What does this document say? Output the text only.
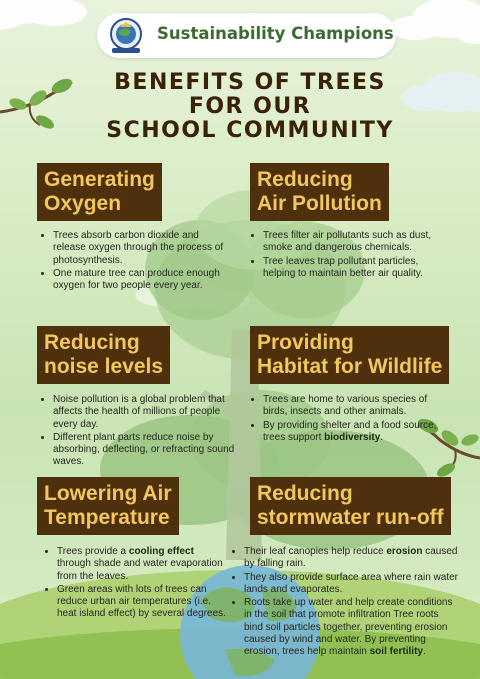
Sustainability Champions
BENEFITS OF TREES
FOR OUR
SCHOOL COMMUNITY
Generating
Oxygen
• Trees absorb carbon dioxide and release oxygen through the process of photosynthesis.
• One mature tree can produce enough oxygen for two people every year.
Reducing
Air Pollution
• Trees filter air pollutants such as dust, smoke and dangerous chemicals.
• Tree leaves trap pollutant particles, helping to maintain better air quality.
Reducing
noise levels
• Noise pollution is a global problem that affects the health of millions of people every day.
• Different plant parts reduce noise by absorbing, deflecting, or refracting sound waves.
Providing
Habitat for Wildlife
• Trees are home to various species of birds, insects and other animals.
• By providing shelter and a food source, trees support biodiversity.
Lowering Air
Temperature
• Trees provide a cooling effect through shade and water evaporation from the leaves.
• Green areas with lots of trees can reduce urban air temperatures (i.e. heat island effect) by several degrees.
Reducing
stormwater run-off
• Their leaf canopies help reduce erosion caused by falling rain.
• They also provide surface area where rain water lands and evaporates.
• Roots take up water and help create conditions in the soil that promote infiltration Tree roots bind soil particles together, preventing erosion caused by wind and water. By preventing erosion, trees help maintain soil fertility.
